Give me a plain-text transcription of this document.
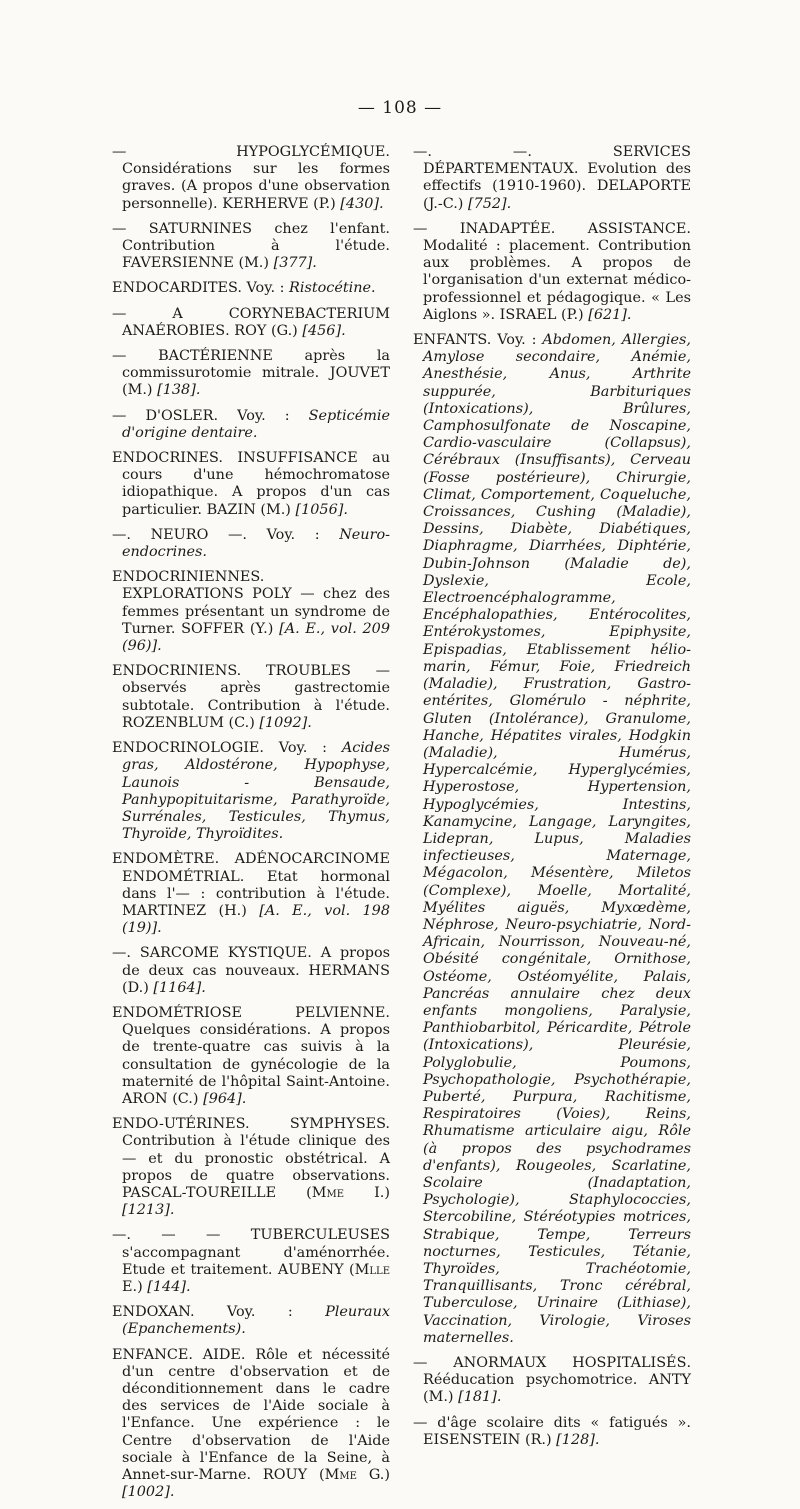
— 108 —

— HYPOGLYCÉMIQUE. Considérations sur les formes graves. (A propos d'une observation personnelle). KERHERVE (P.) [430].

— SATURNINES chez l'enfant. Contribution à l'étude. FAVERSIENNE (M.) [377].

ENDOCARDITES. Voy. : Ristocétine.

— A CORYNEBACTERIUM ANAÉROBIES. ROY (G.) [456].

— BACTÉRIENNE après la commissurotomie mitrale. JOUVET (M.) [138].

— D'OSLER. Voy. : Septicémie d'origine dentaire.

ENDOCRINES. INSUFFISANCE au cours d'une hémochromatose idiopathique. A propos d'un cas particulier. BAZIN (M.) [1056].

—. NEURO —. Voy. : Neuro-endocrines.

ENDOCRINIENNES. EXPLORATIONS POLY — chez des femmes présentant un syndrome de Turner. SOFFER (Y.) [A. E., vol. 209 (96)].

ENDOCRINIENS. TROUBLES — observés après gastrectomie subtotale. Contribution à l'étude. ROZENBLUM (C.) [1092].

ENDOCRINOLOGIE. Voy. : Acides gras, Aldostérone, Hypophyse, Launois - Bensaude, Panhypopituitarisme, Parathyroïde, Surrénales, Testicules, Thymus, Thyroïde, Thyroïdites.

ENDOMÈTRE. ADÉNOCARCINOME ENDOMÉTRIAL. Etat hormonal dans l'— : contribution à l'étude. MARTINEZ (H.) [A. E., vol. 198 (19)].

—. SARCOME KYSTIQUE. A propos de deux cas nouveaux. HERMANS (D.) [1164].

ENDOMÉTRIOSE PELVIENNE. Quelques considérations. A propos de trente-quatre cas suivis à la consultation de gynécologie de la maternité de l'hôpital Saint-Antoine. ARON (C.) [964].

ENDO-UTÉRINES. SYMPHYSES. Contribution à l'étude clinique des — et du pronostic obstétrical. A propos de quatre observations. PASCAL-TOUREILLE (Mme I.) [1213].

—. — — TUBERCULEUSES s'accompagnant d'aménorrhée. Etude et traitement. AUBENY (Mlle E.) [144].

ENDOXAN. Voy. : Pleuraux (Epanchements).

ENFANCE. AIDE. Rôle et nécessité d'un centre d'observation et de déconditionnement dans le cadre des services de l'Aide sociale à l'Enfance. Une expérience : le Centre d'observation de l'Aide sociale à l'Enfance de la Seine, à Annet-sur-Marne. ROUY (Mme G.) [1002].

—. —. SERVICES DÉPARTEMENTAUX. Evolution des effectifs (1910-1960). DELAPORTE (J.-C.) [752].

— INADAPTÉE. ASSISTANCE. Modalité : placement. Contribution aux problèmes. A propos de l'organisation d'un externat médico-professionnel et pédagogique. « Les Aiglons ». ISRAEL (P.) [621].

ENFANTS. Voy. : Abdomen, Allergies, Amylose secondaire, Anémie, Anesthésie, Anus, Arthrite suppurée, Barbituriques (Intoxications), Brûlures, Camphosulfonate de Noscapine, Cardio-vasculaire (Collapsus), Cérébraux (Insuffisants), Cerveau (Fosse postérieure), Chirurgie, Climat, Comportement, Coqueluche, Croissances, Cushing (Maladie), Dessins, Diabète, Diabétiques, Diaphragme, Diarrhées, Diphtérie, Dubin-Johnson (Maladie de), Dyslexie, Ecole, Electroencéphalogramme, Encéphalopathies, Entérocolites, Entérokystomes, Epiphysite, Epispadias, Etablissement hélio-marin, Fémur, Foie, Friedreich (Maladie), Frustration, Gastro-entérites, Glomérulo - néphrite, Gluten (Intolérance), Granulome, Hanche, Hépatites virales, Hodgkin (Maladie), Humérus, Hypercalcémie, Hyperglycémies, Hyperostose, Hypertension, Hypoglycémies, Intestins, Kanamycine, Langage, Laryngites, Lidepran, Lupus, Maladies infectieuses, Maternage, Mégacolon, Mésentère, Miletos (Complexe), Moelle, Mortalité, Myélites aiguës, Myxœdème, Néphrose, Neuro-psychiatrie, Nord-Africain, Nourrisson, Nouveau-né, Obésité congénitale, Ornithose, Ostéome, Ostéomyélite, Palais, Pancréas annulaire chez deux enfants mongoliens, Paralysie, Panthiobarbitol, Péricardite, Pétrole (Intoxications), Pleurésie, Polyglobulie, Poumons, Psychopathologie, Psychothérapie, Puberté, Purpura, Rachitisme, Respiratoires (Voies), Reins, Rhumatisme articulaire aigu, Rôle (à propos des psychodrames d'enfants), Rougeoles, Scarlatine, Scolaire (Inadaptation, Psychologie), Staphylococcies, Stercobiline, Stéréotypies motrices, Strabique, Tempe, Terreurs nocturnes, Testicules, Tétanie, Thyroïdes, Trachéotomie, Tranquillisants, Tronc cérébral, Tuberculose, Urinaire (Lithiase), Vaccination, Virologie, Viroses maternelles.

— ANORMAUX HOSPITALISÉS. Rééducation psychomotrice. ANTY (M.) [181].

— d'âge scolaire dits « fatigués ». EISENSTEIN (R.) [128].
